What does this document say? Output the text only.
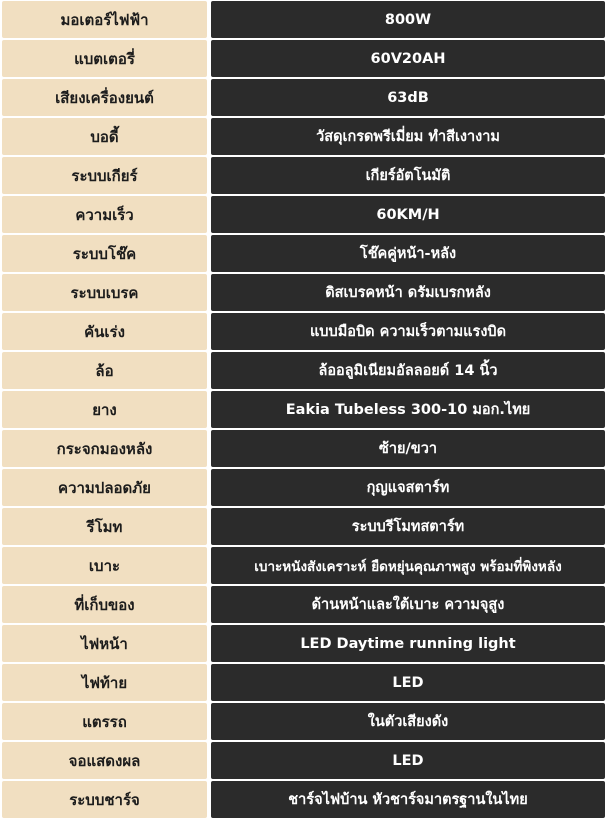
มอเตอร์ไฟฟ้า	800W
แบตเตอรี่	60V20AH
เสียงเครื่องยนต์	63dB
บอดี้	วัสดุเกรดพรีเมี่ยม ทำสีเงางาม
ระบบเกียร์	เกียร์อัตโนมัติ
ความเร็ว	60KM/H
ระบบโช๊ค	โช๊คคู่หน้า-หลัง
ระบบเบรค	ดิสเบรคหน้า ดรัมเบรกหลัง
คันเร่ง	แบบมือบิด ความเร็วตามแรงบิด
ล้อ	ล้ออลูมิเนียมอัลลอยด์ 14 นิ้ว
ยาง	Eakia Tubeless 300-10 มอก.ไทย
กระจกมองหลัง	ซ้าย/ขวา
ความปลอดภัย	กุญแจสตาร์ท
รีโมท	ระบบรีโมทสตาร์ท
เบาะ	เบาะหนังสังเคราะห์ ยืดหยุ่นคุณภาพสูง พร้อมที่พิงหลัง
ที่เก็บของ	ด้านหน้าและใต้เบาะ ความจุสูง
ไฟหน้า	LED Daytime running light
ไฟท้าย	LED
แตรรถ	ในตัวเสียงดัง
จอแสดงผล	LED
ระบบชาร์จ	ชาร์จไฟบ้าน หัวชาร์จมาตรฐานในไทย
